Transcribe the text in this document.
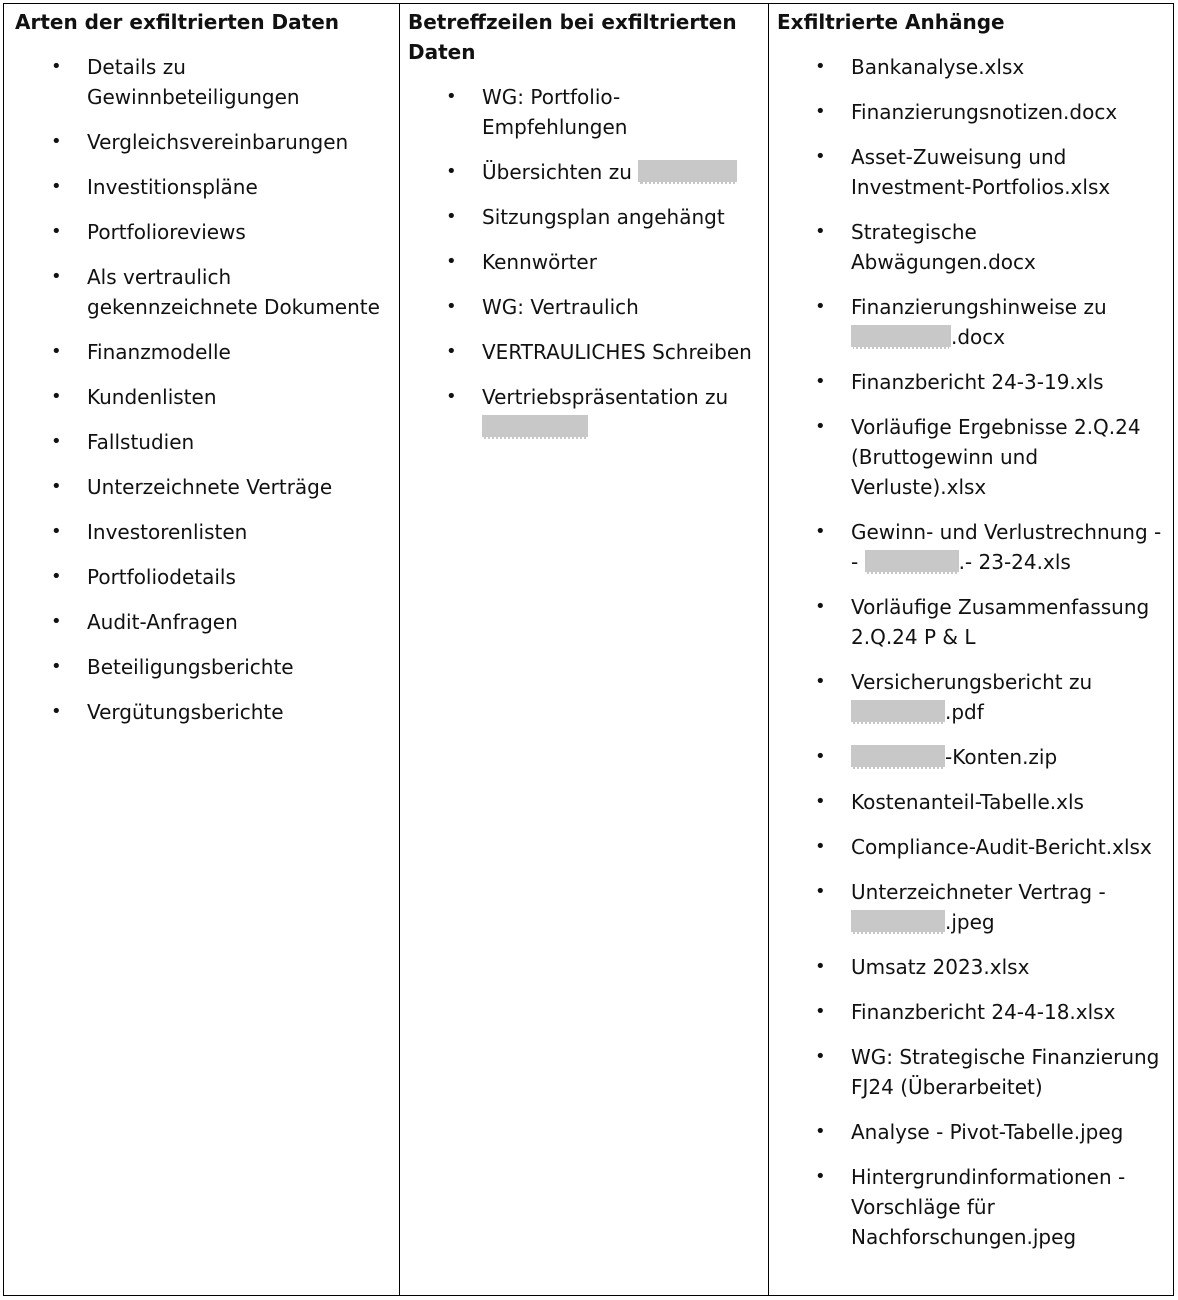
Arten der exfiltrierten Daten
• Details zu Gewinnbeteiligungen
• Vergleichsvereinbarungen
• Investitionspläne
• Portfolioreviews
• Als vertraulich gekennzeichnete Dokumente
• Finanzmodelle
• Kundenlisten
• Fallstudien
• Unterzeichnete Verträge
• Investorenlisten
• Portfoliodetails
• Audit-Anfragen
• Beteiligungsberichte
• Vergütungsberichte
Betreffzeilen bei exfiltrierten Daten
• WG: Portfolio-Empfehlungen
• Übersichten zu
• Sitzungsplan angehängt
• Kennwörter
• WG: Vertraulich
• VERTRAULICHES Schreiben
• Vertriebspräsentation zu

Exfiltrierte Anhänge
• Bankanalyse.xlsx
• Finanzierungsnotizen.docx
• Asset-Zuweisung und Investment-Portfolios.xlsx
• Strategische Abwägungen.docx
• Finanzierungshinweise zu
.docx
• Finanzbericht 24-3-19.xls
• Vorläufige Ergebnisse 2.Q.24 (Bruttogewinn und Verluste).xlsx
• Gewinn- und Verlustrechnung -
-	.- 23-24.xls
• Vorläufige Zusammenfassung 2.Q.24 P & L
• Versicherungsbericht zu
.pdf
•	-Konten.zip
• Kostenanteil-Tabelle.xls
• Compliance-Audit-Bericht.xlsx
• Unterzeichneter Vertrag -
.jpeg
• Umsatz 2023.xlsx
• Finanzbericht 24-4-18.xlsx
• WG: Strategische Finanzierung FJ24 (Überarbeitet)
• Analyse - Pivot-Tabelle.jpeg
• Hintergrundinformationen - Vorschläge für Nachforschungen.jpeg
